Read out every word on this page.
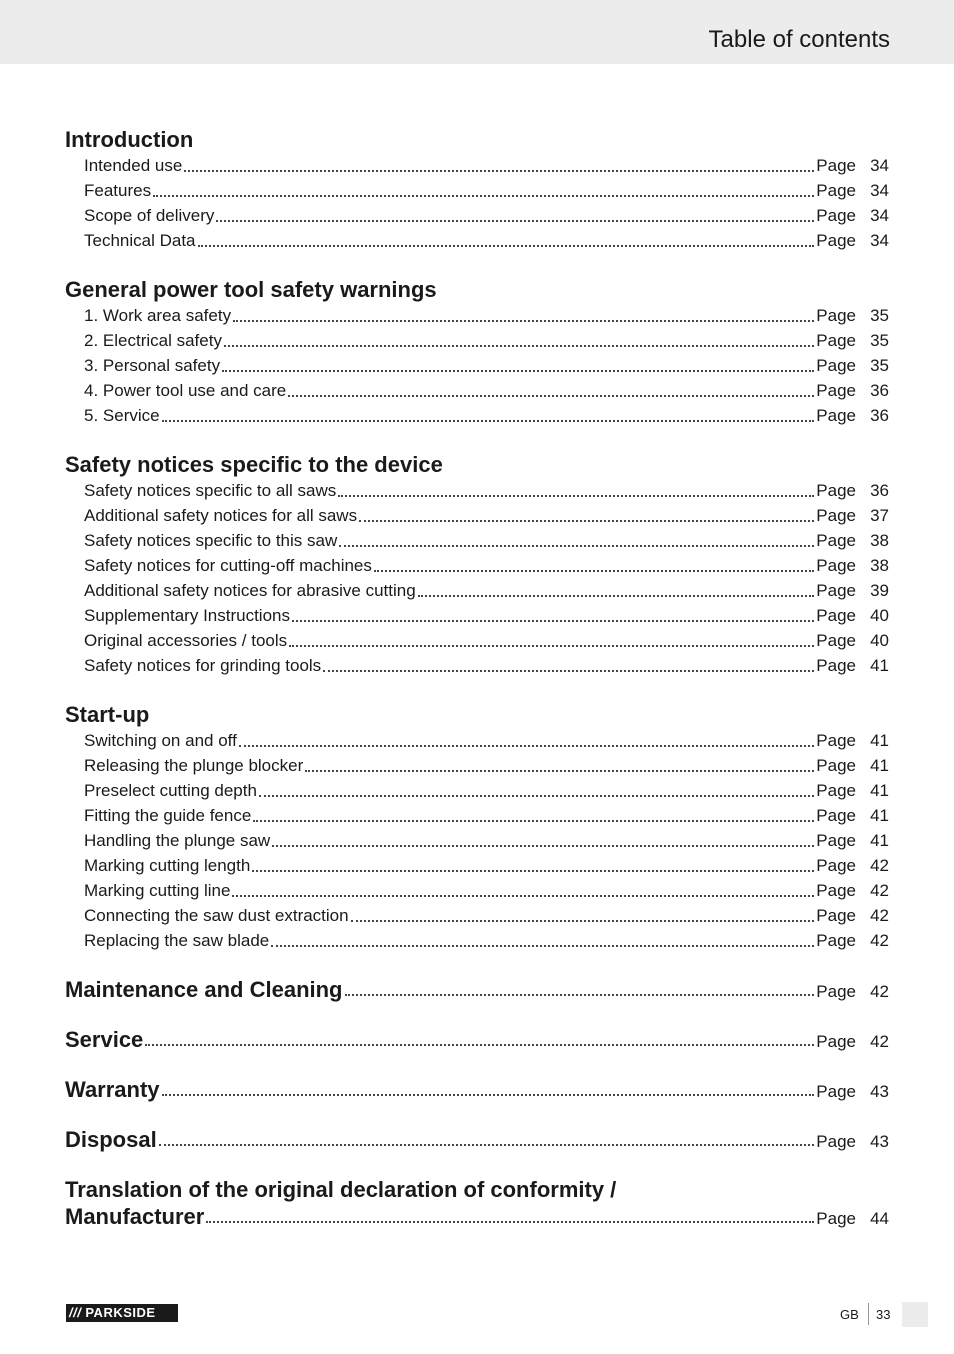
Table of contents
Introduction
Intended use	Page 34
Features	Page 34
Scope of delivery	Page 34
Technical Data	Page 34
General power tool safety warnings
1. Work area safety	Page 35
2. Electrical safety	Page 35
3. Personal safety	Page 35
4. Power tool use and care	Page 36
5. Service	Page 36
Safety notices specific to the device
Safety notices specific to all saws	Page 36
Additional safety notices for all saws	Page 37
Safety notices specific to this saw	Page 38
Safety notices for cutting-off machines	Page 38
Additional safety notices for abrasive cutting	Page 39
Supplementary Instructions	Page 40
Original accessories / tools	Page 40
Safety notices for grinding tools	Page 41
Start-up
Switching on and off	Page 41
Releasing the plunge blocker	Page 41
Preselect cutting depth	Page 41
Fitting the guide fence	Page 41
Handling the plunge saw	Page 41
Marking cutting length	Page 42
Marking cutting line	Page 42
Connecting the saw dust extraction	Page 42
Replacing the saw blade	Page 42
Maintenance and Cleaning	Page 42
Service	Page 42
Warranty	Page 43
Disposal	Page 43
Translation of the original declaration of conformity /
Manufacturer	Page 44
/// PARKSIDE	GB 33
